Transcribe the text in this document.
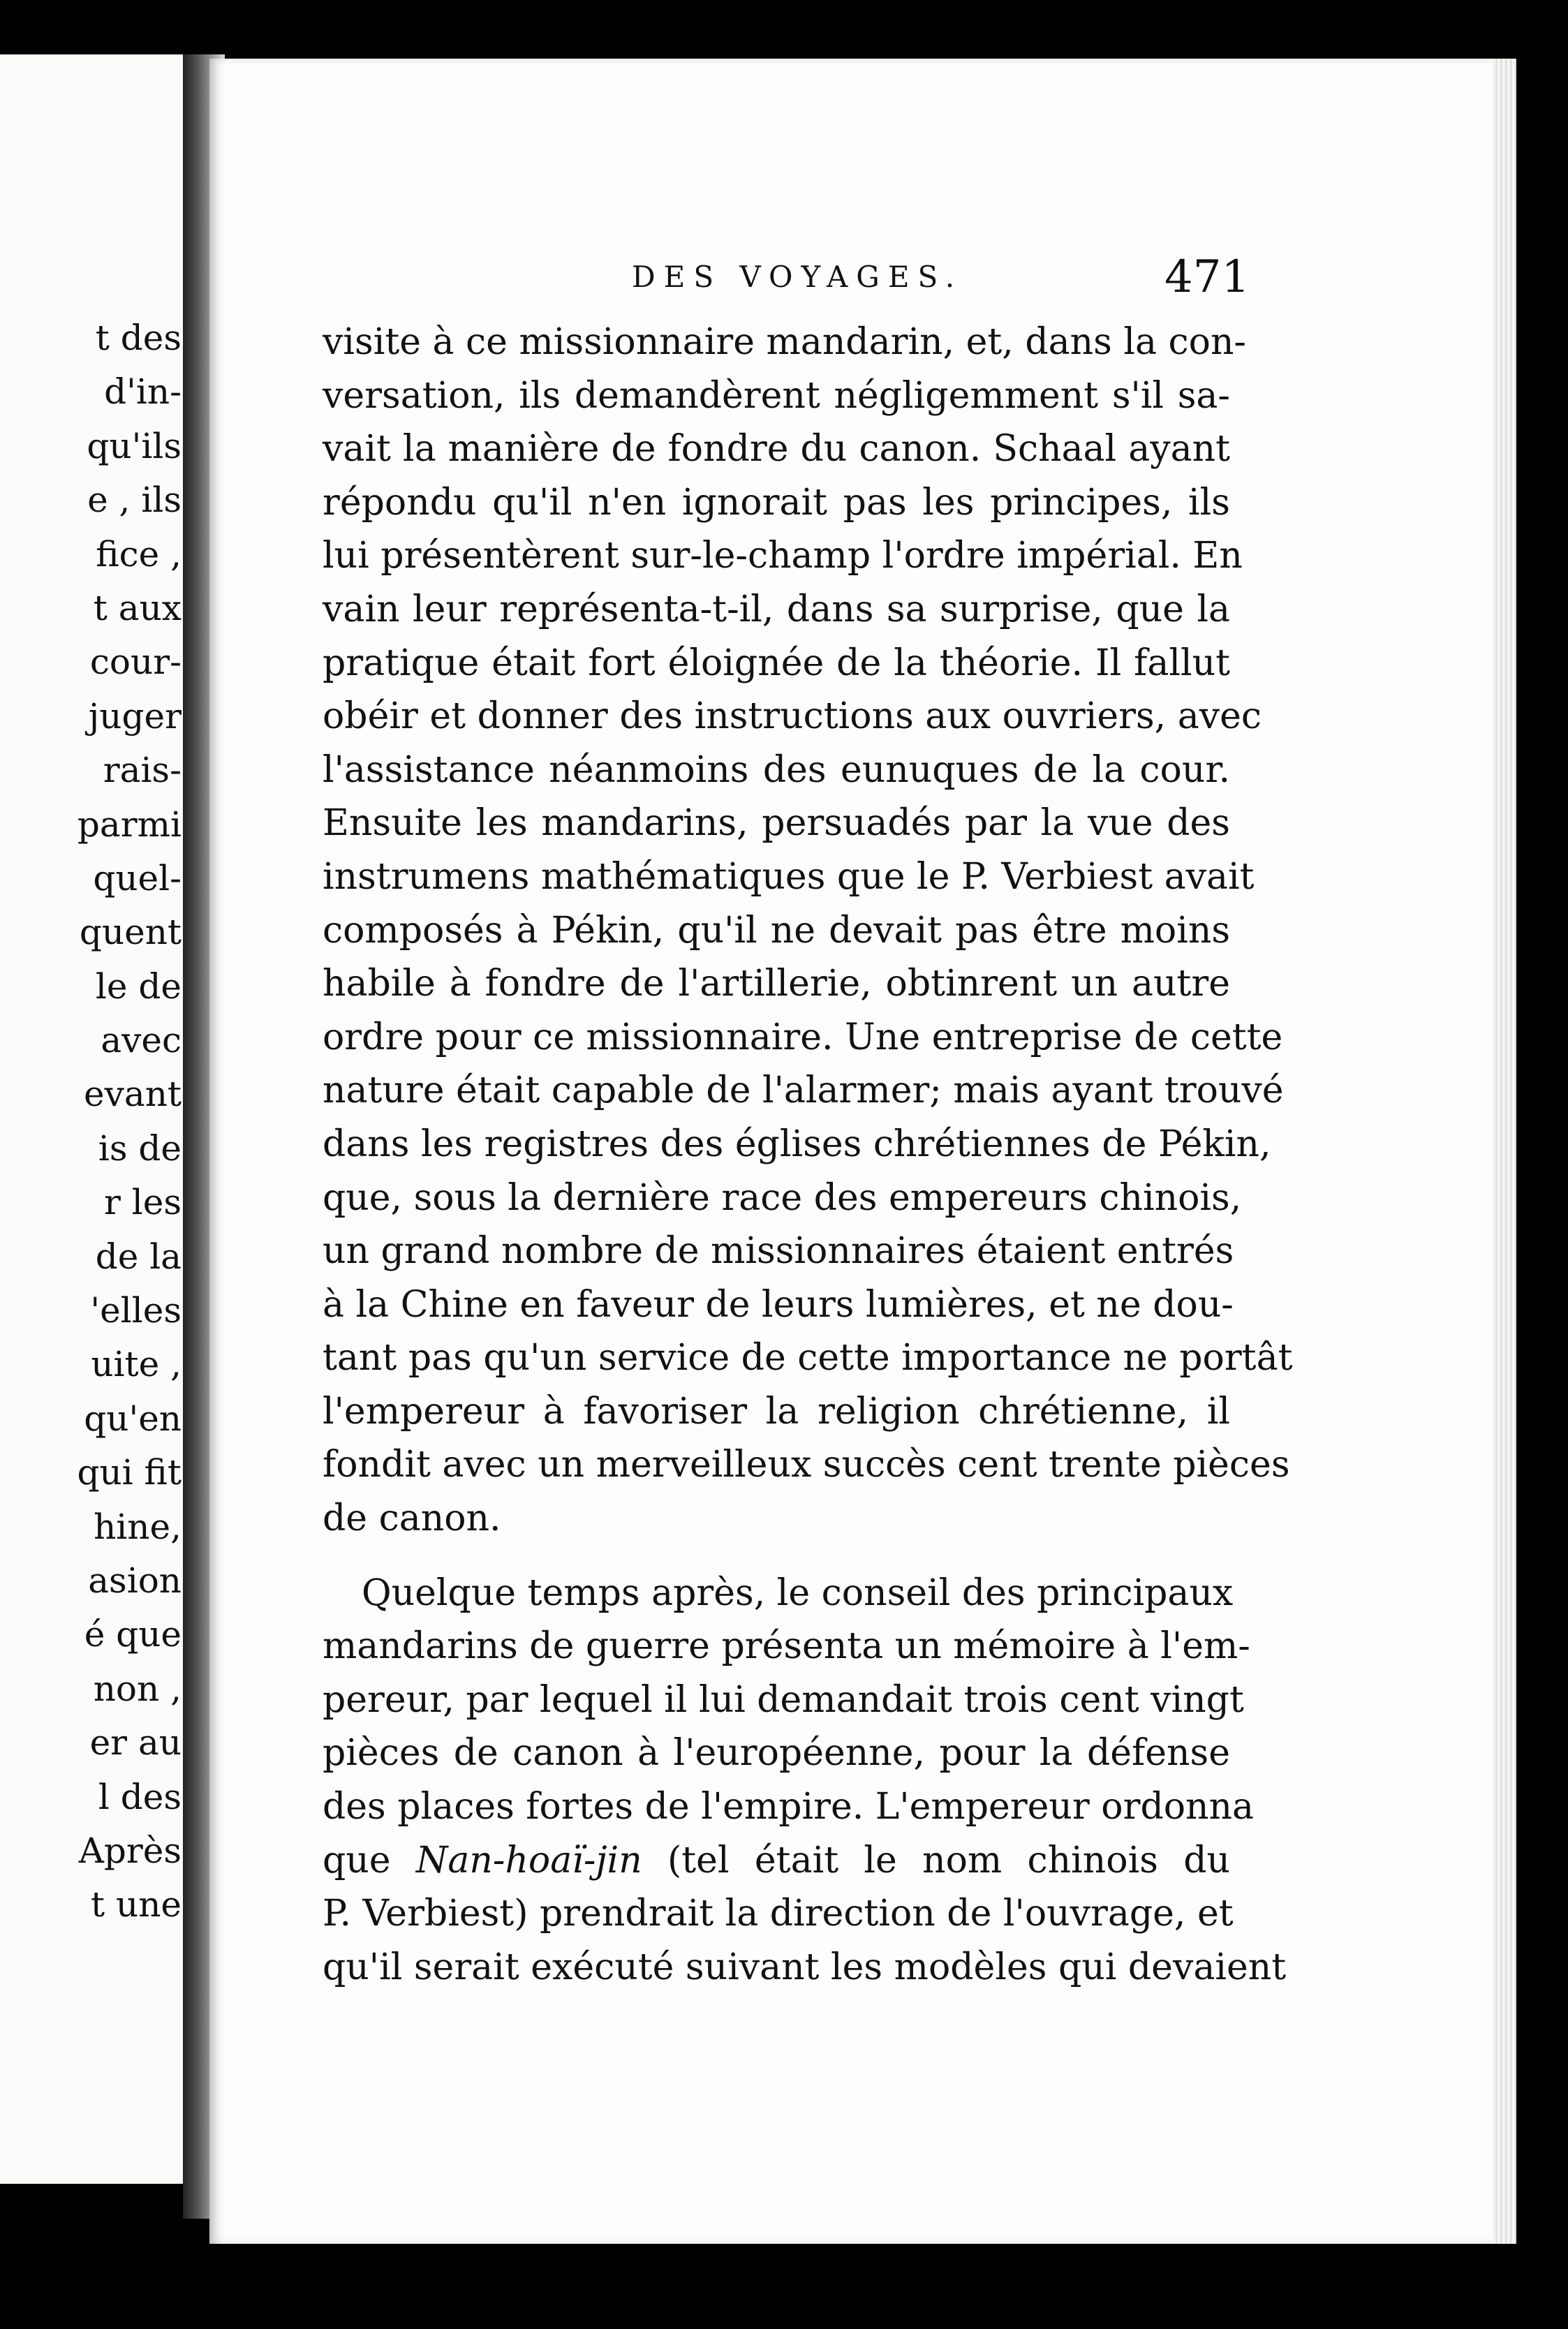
t des
d'in-
qu'ils
e , ils
fice ,
t aux
cour-
juger
rais-
parmi
quel-
quent
le de
avec
evant
is de
r les
de la
'elles
uite ,
qu'en
qui fit
hine,
asion
é que
non ,
er au
l des
Après
t une
DES VOYAGES.	471
visite à ce missionnaire mandarin, et, dans la con-
versation, ils demandèrent négligemment s'il sa-
vait la manière de fondre du canon. Schaal ayant
répondu qu'il n'en ignorait pas les principes, ils
lui présentèrent sur-le-champ l'ordre impérial. En
vain leur représenta-t-il, dans sa surprise, que la
pratique était fort éloignée de la théorie. Il fallut
obéir et donner des instructions aux ouvriers, avec
l'assistance néanmoins des eunuques de la cour.
Ensuite les mandarins, persuadés par la vue des
instrumens mathématiques que le P. Verbiest avait
composés à Pékin, qu'il ne devait pas être moins
habile à fondre de l'artillerie, obtinrent un autre
ordre pour ce missionnaire. Une entreprise de cette
nature était capable de l'alarmer; mais ayant trouvé
dans les registres des églises chrétiennes de Pékin,
que, sous la dernière race des empereurs chinois,
un grand nombre de missionnaires étaient entrés
à la Chine en faveur de leurs lumières, et ne dou-
tant pas qu'un service de cette importance ne portât
l'empereur à favoriser la religion chrétienne, il
fondit avec un merveilleux succès cent trente pièces
de canon.
Quelque temps après, le conseil des principaux
mandarins de guerre présenta un mémoire à l'em-
pereur, par lequel il lui demandait trois cent vingt
pièces de canon à l'européenne, pour la défense
des places fortes de l'empire. L'empereur ordonna
que Nan-hoaï-jin (tel était le nom chinois du
P. Verbiest) prendrait la direction de l'ouvrage, et
qu'il serait exécuté suivant les modèles qui devaient
